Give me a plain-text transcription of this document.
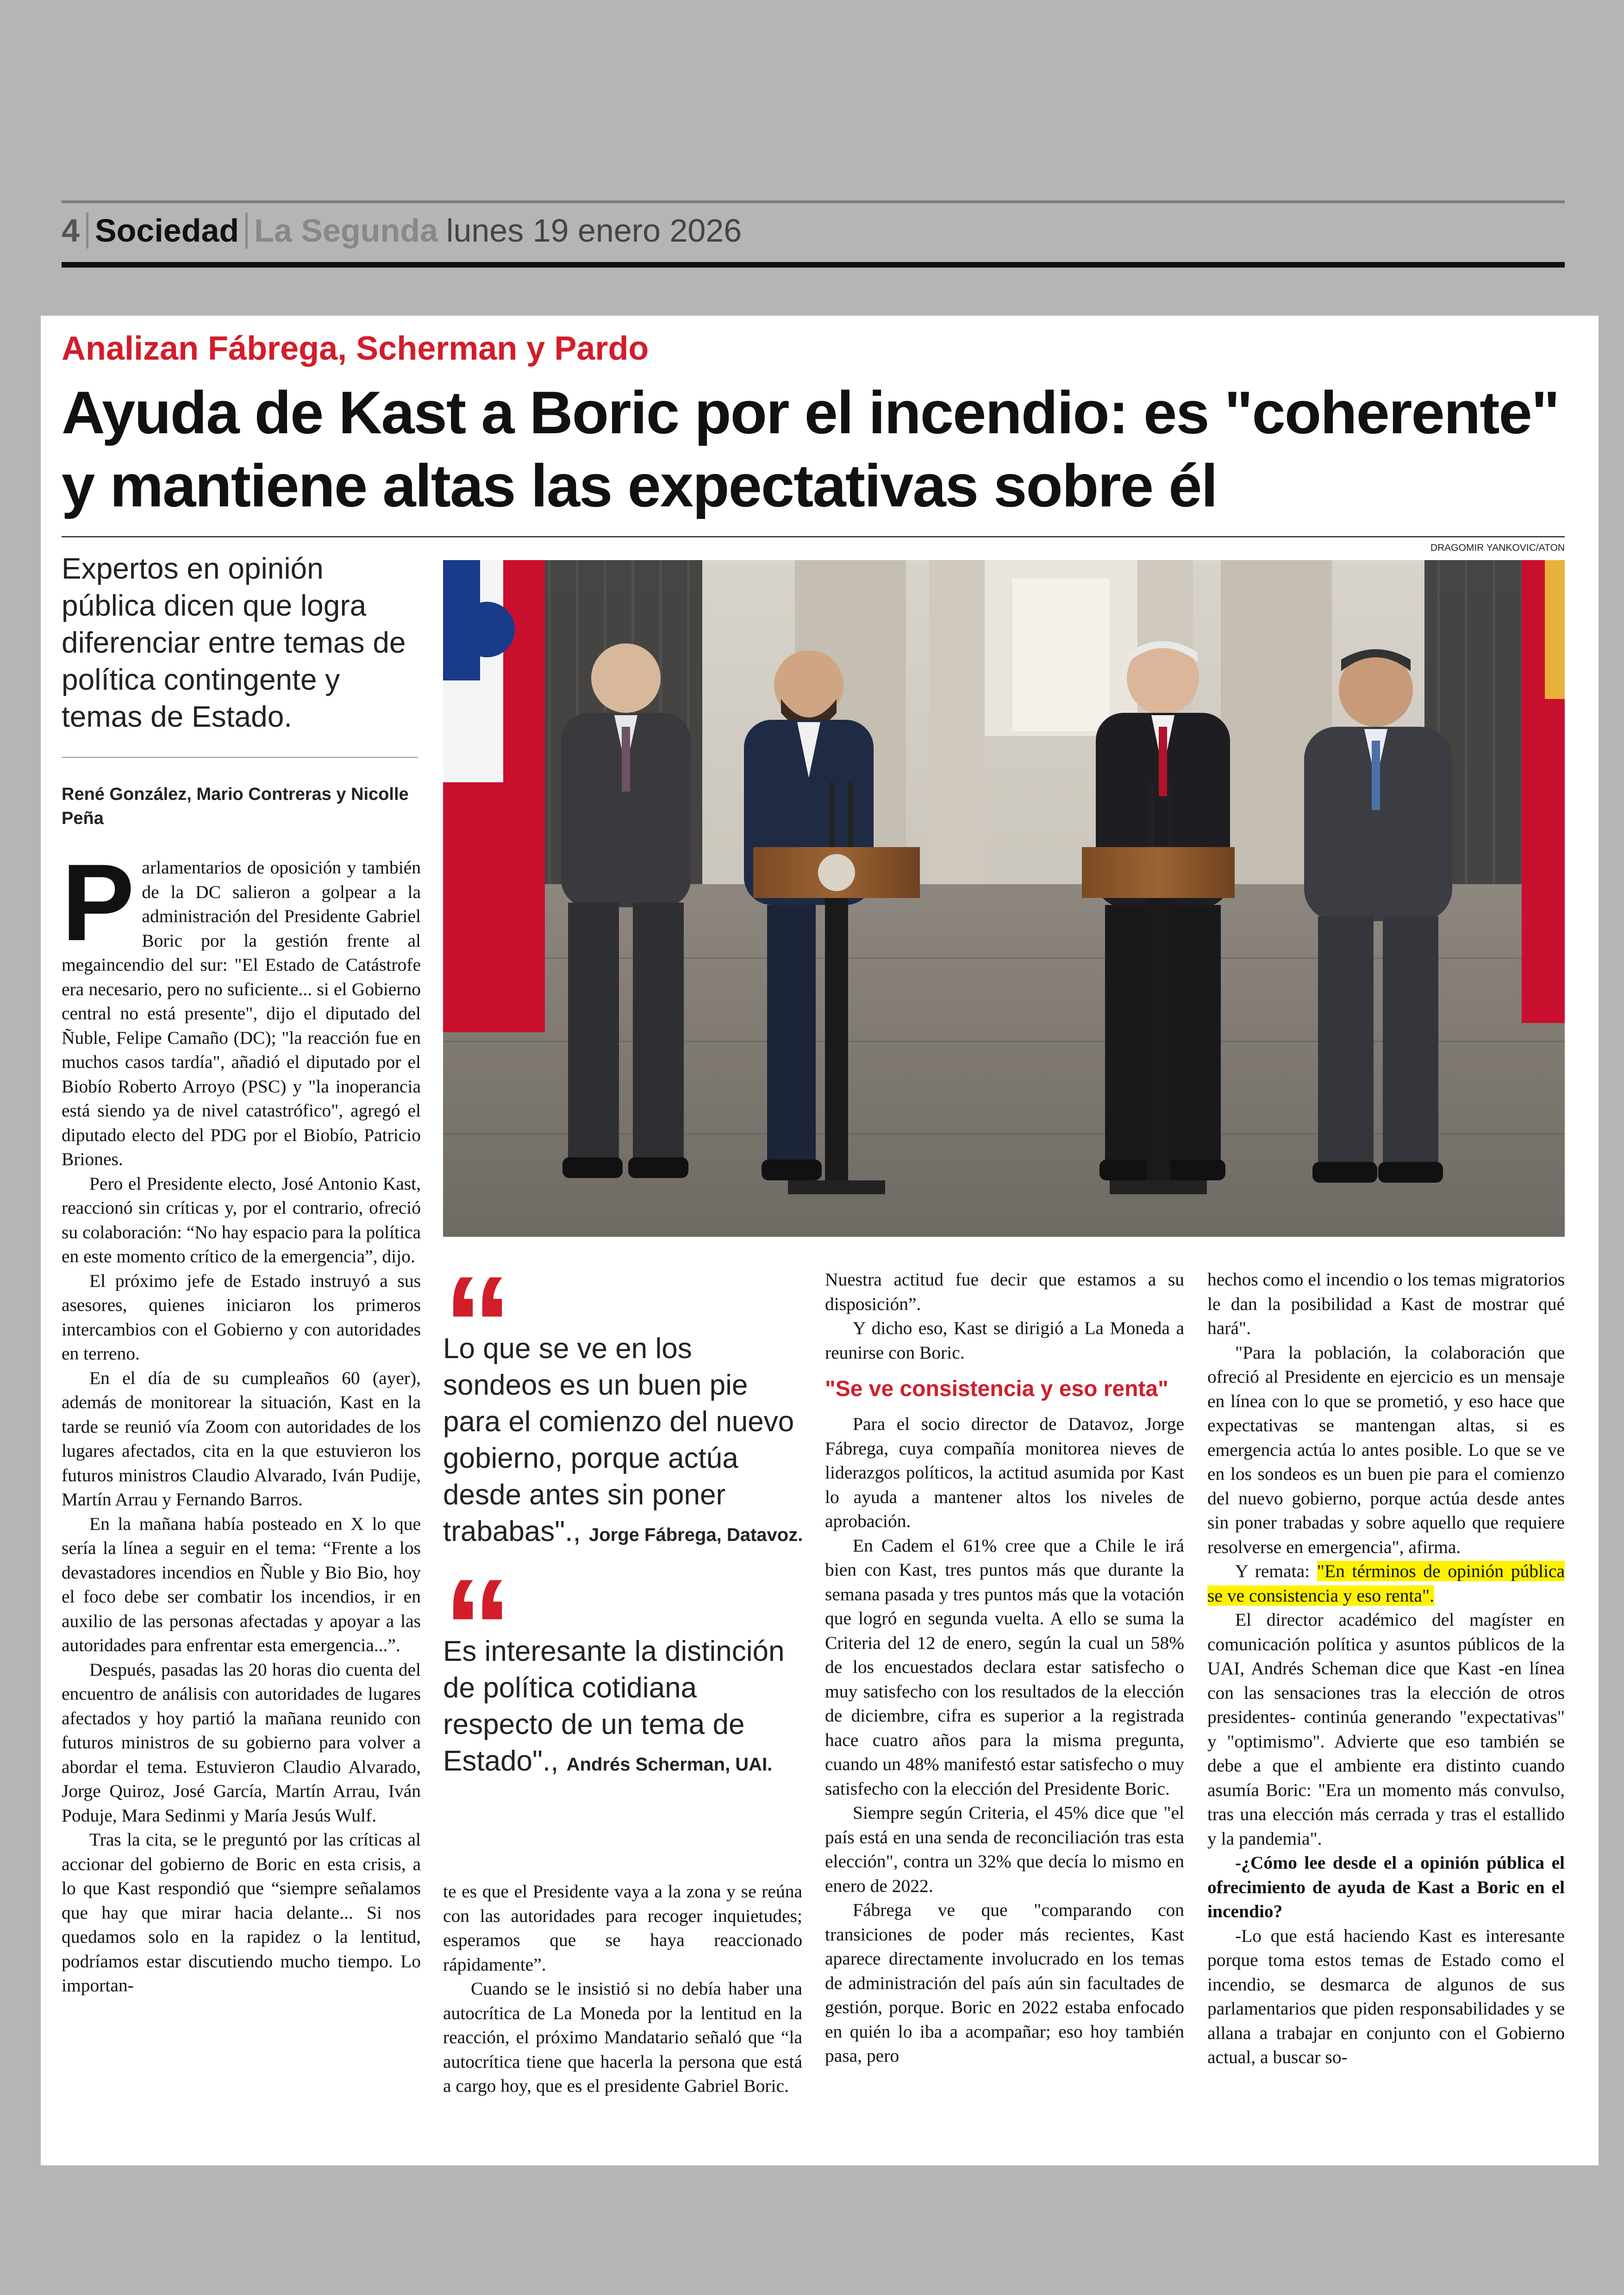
4 Sociedad La Segunda lunes 19 enero 2026
Analizan Fábrega, Scherman y Pardo
Ayuda de Kast a Boric por el incendio: es "coherente" y mantiene altas las expectativas sobre él
DRAGOMIR YANKOVIC/ATON
Expertos en opinión pública dicen que logra diferenciar entre temas de política contingente y temas de Estado.
René González, Mario Contreras y Nicolle Peña

P arlamentarios de oposición y también de la DC salieron a golpear a la administración del Presidente Gabriel Boric por la gestión frente al megaincendio del sur: "El Estado de Catástrofe era necesario, pero no suficiente... si el Gobierno central no está presente", dijo el diputado del Ñuble, Felipe Camaño (DC); "la reacción fue en muchos casos tardía", añadió el diputado por el Biobío Roberto Arroyo (PSC) y "la inoperancia está siendo ya de nivel catastrófico", agregó el diputado electo del PDG por el Biobío, Patricio Briones.

Pero el Presidente electo, José Antonio Kast, reaccionó sin críticas y, por el contrario, ofreció su colaboración: “No hay espacio para la política en este momento crítico de la emergencia”, dijo.

El próximo jefe de Estado instruyó a sus asesores, quienes iniciaron los primeros intercambios con el Gobierno y con autoridades en terreno.

En el día de su cumpleaños 60 (ayer), además de monitorear la situación, Kast en la tarde se reunió vía Zoom con autoridades de los lugares afectados, cita en la que estuvieron los futuros ministros Claudio Alvarado, Iván Pudije, Martín Arrau y Fernando Barros.

En la mañana había posteado en X lo que sería la línea a seguir en el tema: “Frente a los devastadores incendios en Ñuble y Bio Bio, hoy el foco debe ser combatir los incendios, ir en auxilio de las personas afectadas y apoyar a las autoridades para enfrentar esta emergencia...”.

Después, pasadas las 20 horas dio cuenta del encuentro de análisis con autoridades de lugares afectados y hoy partió la mañana reunido con futuros ministros de su gobierno para volver a abordar el tema. Estuvieron Claudio Alvarado, Jorge Quiroz, José García, Martín Arrau, Iván Poduje, Mara Sedinmi y María Jesús Wulf.

Tras la cita, se le preguntó por las críticas al accionar del gobierno de Boric en esta crisis, a lo que Kast respondió que “siempre señalamos que hay que mirar hacia delante... Si nos quedamos solo en la rapidez o la lentitud, podríamos estar discutiendo mucho tiempo. Lo importan-

“
Lo que se ve en los sondeos es un buen pie para el comienzo del nuevo gobierno, porque actúa desde antes sin poner trababas"., Jorge Fábrega, Datavoz.
“
Es interesante la distinción de política cotidiana respecto de un tema de Estado"., Andrés Scherman, UAI.

te es que el Presidente vaya a la zona y se reúna con las autoridades para recoger inquietudes; esperamos que se haya reaccionado rápidamente”.

Cuando se le insistió si no debía haber una autocrítica de La Moneda por la lentitud en la reacción, el próximo Mandatario señaló que “la autocrítica tiene que hacerla la persona que está a cargo hoy, que es el presidente Gabriel Boric.

Nuestra actitud fue decir que estamos a su disposición”.

Y dicho eso, Kast se dirigió a La Moneda a reunirse con Boric.

"Se ve consistencia y eso renta"

Para el socio director de Datavoz, Jorge Fábrega, cuya compañía monitorea nieves de liderazgos políticos, la actitud asumida por Kast lo ayuda a mantener altos los niveles de aprobación.

En Cadem el 61% cree que a Chile le irá bien con Kast, tres puntos más que durante la semana pasada y tres puntos más que la votación que logró en segunda vuelta. A ello se suma la Criteria del 12 de enero, según la cual un 58% de los encuestados declara estar satisfecho o muy satisfecho con los resultados de la elección de diciembre, cifra es superior a la registrada hace cuatro años para la misma pregunta, cuando un 48% manifestó estar satisfecho o muy satisfecho con la elección del Presidente Boric.

Siempre según Criteria, el 45% dice que "el país está en una senda de reconciliación tras esta elección", contra un 32% que decía lo mismo en enero de 2022.

Fábrega ve que "comparando con transiciones de poder más recientes, Kast aparece directamente involucrado en los temas de administración del país aún sin facultades de gestión, porque. Boric en 2022 estaba enfocado en quién lo iba a acompañar; eso hoy también pasa, pero

hechos como el incendio o los temas migratorios le dan la posibilidad a Kast de mostrar qué hará".

"Para la población, la colaboración que ofreció al Presidente en ejercicio es un mensaje en línea con lo que se prometió, y eso hace que expectativas se mantengan altas, si es emergencia actúa lo antes posible. Lo que se ve en los sondeos es un buen pie para el comienzo del nuevo gobierno, porque actúa desde antes sin poner trabadas y sobre aquello que requiere resolverse en emergencia", afirma.

Y remata: "En términos de opinión pública se ve consistencia y eso renta".

El director académico del magíster en comunicación política y asuntos públicos de la UAI, Andrés Scheman dice que Kast -en línea con las sensaciones tras la elección de otros presidentes- continúa generando "expectativas" y "optimismo". Advierte que eso también se debe a que el ambiente era distinto cuando asumía Boric: "Era un momento más convulso, tras una elección más cerrada y tras el estallido y la pandemia".

-¿Cómo lee desde el a opinión pública el ofrecimiento de ayuda de Kast a Boric en el incendio?

-Lo que está haciendo Kast es interesante porque toma estos temas de Estado como el incendio, se desmarca de algunos de sus parlamentarios que piden responsabilidades y se allana a trabajar en conjunto con el Gobierno actual, a buscar so-
